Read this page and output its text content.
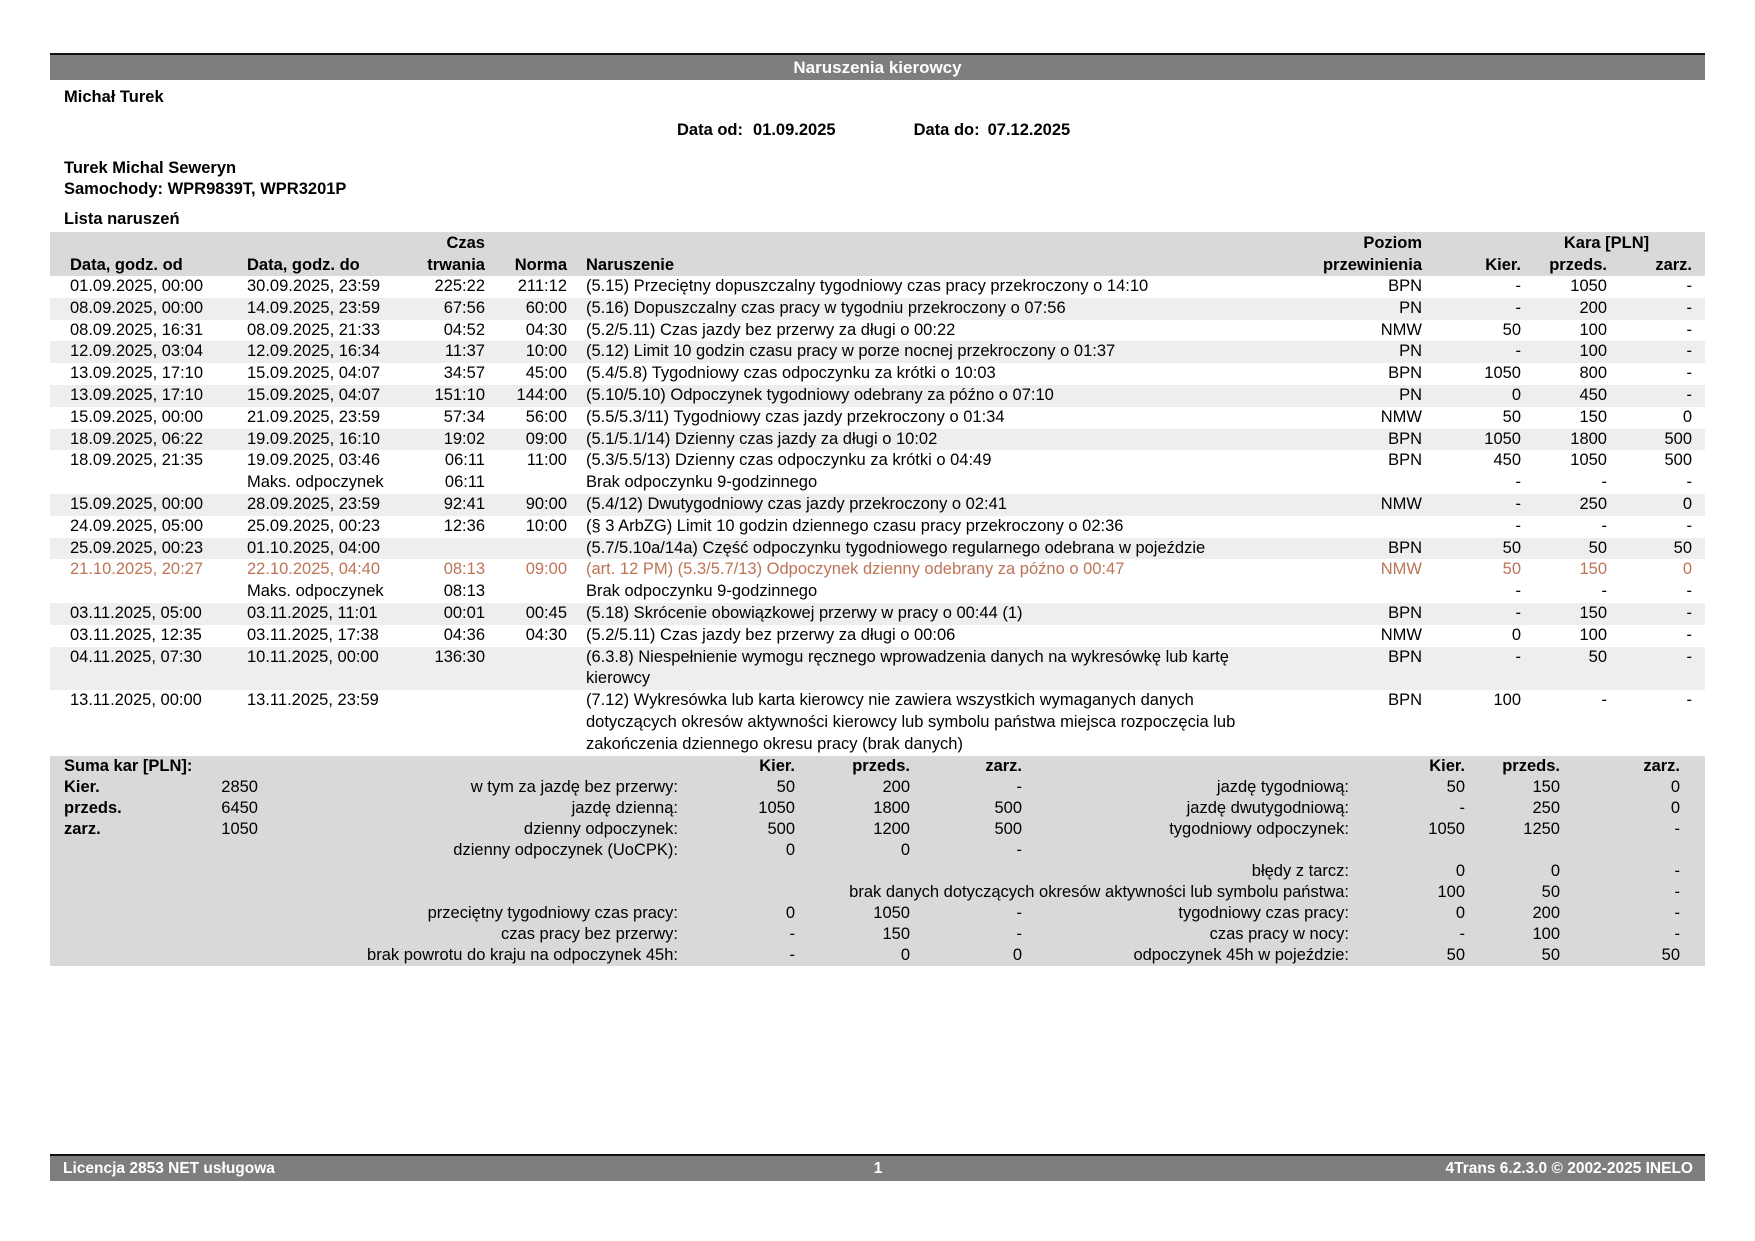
Naruszenia kierowcy
Michał Turek
Data od: 01.09.2025	Data do: 07.12.2025
Turek Michal Seweryn
Samochody: WPR9839T, WPR3201P
Lista naruszeń
		Czas			Poziom		Kara [PLN]		
Data, godz. od	Data, godz. do	trwania	Norma	Naruszenie	przewinienia	Kier.	przeds.	zarz.	
01.09.2025, 00:00	30.09.2025, 23:59	225:22	211:12	(5.15) Przeciętny dopuszczalny tygodniowy czas pracy przekroczony o 14:10	BPN	-	1050	-	
08.09.2025, 00:00	14.09.2025, 23:59	67:56	60:00	(5.16) Dopuszczalny czas pracy w tygodniu przekroczony o 07:56	PN	-	200	-	
08.09.2025, 16:31	08.09.2025, 21:33	04:52	04:30	(5.2/5.11) Czas jazdy bez przerwy za długi o 00:22	NMW	50	100	-	
12.09.2025, 03:04	12.09.2025, 16:34	11:37	10:00	(5.12) Limit 10 godzin czasu pracy w porze nocnej przekroczony o 01:37	PN	-	100	-	
13.09.2025, 17:10	15.09.2025, 04:07	34:57	45:00	(5.4/5.8) Tygodniowy czas odpoczynku za krótki o 10:03	BPN	1050	800	-	
13.09.2025, 17:10	15.09.2025, 04:07	151:10	144:00	(5.10/5.10) Odpoczynek tygodniowy odebrany za późno o 07:10	PN	0	450	-	
15.09.2025, 00:00	21.09.2025, 23:59	57:34	56:00	(5.5/5.3/11) Tygodniowy czas jazdy przekroczony o 01:34	NMW	50	150	0	
18.09.2025, 06:22	19.09.2025, 16:10	19:02	09:00	(5.1/5.1/14) Dzienny czas jazdy za długi o 10:02	BPN	1050	1800	500	
18.09.2025, 21:35	19.09.2025, 03:46	06:11	11:00	(5.3/5.5/13) Dzienny czas odpoczynku za krótki o 04:49	BPN	450	1050	500	
	Maks. odpoczynek	06:11		Brak odpoczynku 9-godzinnego		-	-	-	
15.09.2025, 00:00	28.09.2025, 23:59	92:41	90:00	(5.4/12) Dwutygodniowy czas jazdy przekroczony o 02:41	NMW	-	250	0	
24.09.2025, 05:00	25.09.2025, 00:23	12:36	10:00	(§ 3 ArbZG) Limit 10 godzin dziennego czasu pracy przekroczony o 02:36		-	-	-	
25.09.2025, 00:23	01.10.2025, 04:00			(5.7/5.10a/14a) Część odpoczynku tygodniowego regularnego odebrana w pojeździe	BPN	50	50	50	
21.10.2025, 20:27	22.10.2025, 04:40	08:13	09:00	(art. 12 PM) (5.3/5.7/13) Odpoczynek dzienny odebrany za późno o 00:47	NMW	50	150	0	
	Maks. odpoczynek	08:13		Brak odpoczynku 9-godzinnego		-	-	-	
03.11.2025, 05:00	03.11.2025, 11:01	00:01	00:45	(5.18) Skrócenie obowiązkowej przerwy w pracy o 00:44 (1)	BPN	-	150	-	
03.11.2025, 12:35	03.11.2025, 17:38	04:36	04:30	(5.2/5.11) Czas jazdy bez przerwy za długi o 00:06	NMW	0	100	-	
04.11.2025, 07:30	10.11.2025, 00:00	136:30		(6.3.8) Niespełnienie wymogu ręcznego wprowadzenia danych na wykresówkę lub kartę kierowcy	BPN	-	50	-	
13.11.2025, 00:00	13.11.2025, 23:59			(7.12) Wykresówka lub karta kierowcy nie zawiera wszystkich wymaganych danych dotyczących okresów aktywności kierowcy lub symbolu państwa miejsca rozpoczęcia lub zakończenia dziennego okresu pracy (brak danych)	BPN	100	-	-	
Suma kar [PLN]:			Kier.	przeds.	zarz.		Kier.	przeds.	zarz.	
Kier.	2850	w tym za jazdę bez przerwy:	50	200	-	jazdę tygodniową:	50	150	0	
przeds.	6450	jazdę dzienną:	1050	1800	500	jazdę dwutygodniową:	-	250	0	
zarz.	1050	dzienny odpoczynek:	500	1200	500	tygodniowy odpoczynek:	1050	1250	-	
		dzienny odpoczynek (UoCPK):	0	0	-	

						błędy z tarcz:	0	0	-	

						brak danych dotyczących okresów aktywności lub symbolu państwa:	100	50	-	
		przeciętny tygodniowy czas pracy:	0	1050	-	tygodniowy czas pracy:	0	200	-	
		czas pracy bez przerwy:	-	150	-	czas pracy w nocy:	-	100	-	
		brak powrotu do kraju na odpoczynek 45h:	-	0	0	odpoczynek 45h w pojeździe:	50	50	50	
Licencja 2853 NET usługowa	1	4Trans 6.2.3.0 © 2002-2025 INELO
